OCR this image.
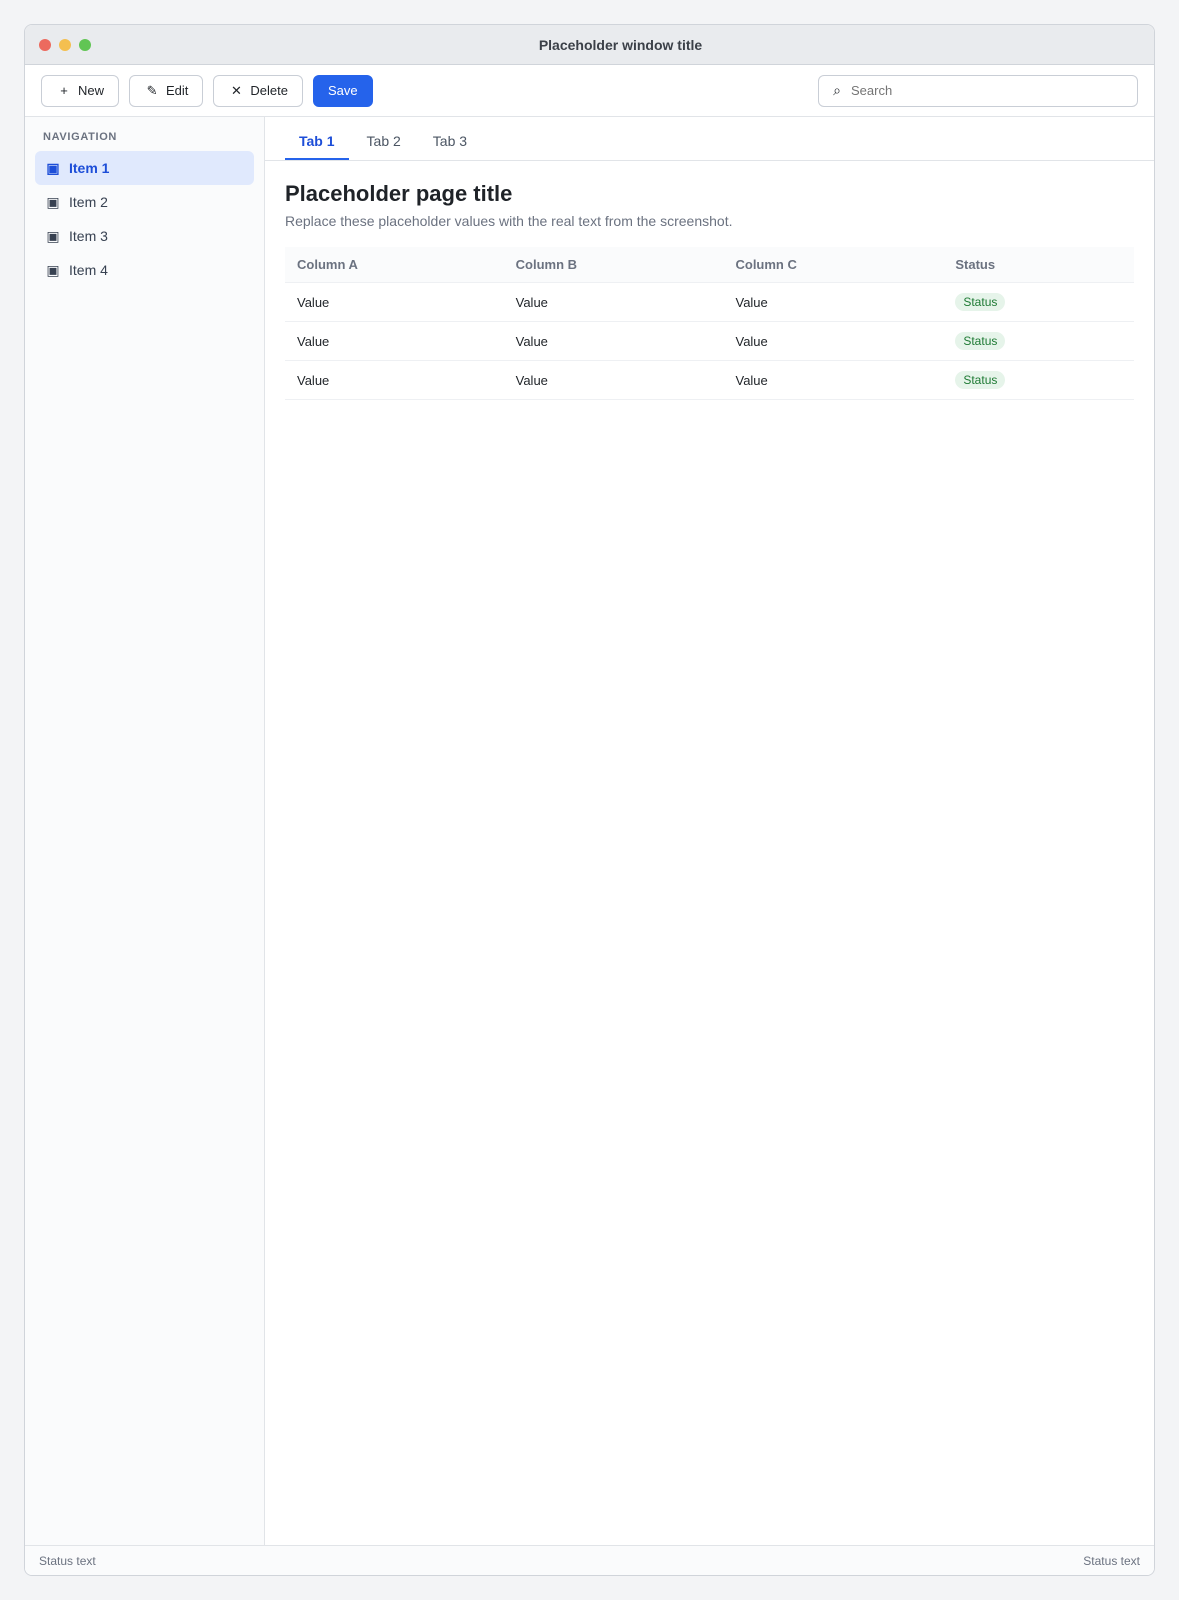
Placeholder window title
+ New	✎ Edit	✕ Delete	Save	⌕
Search
NAVIGATION
▣ Item 1
▣ Item 2
▣ Item 3
▣ Item 4
Tab 1	Tab 2	Tab 3
Placeholder page title

Replace these placeholder values with the real text from the screenshot.

Column A	Column B	Column C	Status
Value	Value	Value	Status
Value	Value	Value	Status
Value	Value	Value	Status
Status text	Status text
